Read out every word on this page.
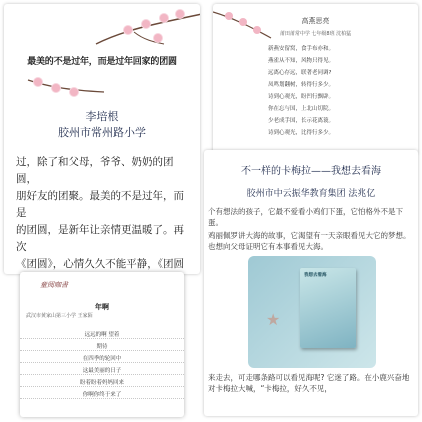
最美的不是过年，而是过年回家的团圆
李培根
胶州市常州路小学
过，除了和父母，爷爷、奶奶的团圆，
朋好友的团聚。最美的不是过年，而是
的团圆，是新年让亲情更温暖了。再次
《团圆》，心情久久不能平静，《团圆
童阅咖書
年啊
武汉市黄家山第三小学 王家陌
远远的啊 望着
期待
在四季的轮回中
这最美丽的日子
盼着盼着妈妈回来
你啊你终于来了
高燕思亮
莆田莆常中学 七年级8班 沈柏猛
新燕安留窝，食手布亦和。
燕雀从不知，风物只得见。
远离心存远，联著老同调?
凤鸣划翻树，转得行多少。
诗到心观光，盼凹行飘辟。
你在忘与国，上北山切院。
少老成手国，长示花离蓑。
诗到心观光，比得行多少。
不一样的卡梅拉——我想去看海
胶州市中云振华教育集团 法兆亿
个有想法的孩子，它最不爱看小鸡们下蛋，它怕格外不是下蛋。
鸡丽佩罗讲大海的故事，它渴望有一天亲眼看见大它的梦想。也想向父母证明它有本事看见大海。
我想去看海
★
来走去，可走哪条路可以看见海呢? 它迷了路。在小鹿兴奋地对卡梅拉大喊，“卡梅拉，好久不见，
